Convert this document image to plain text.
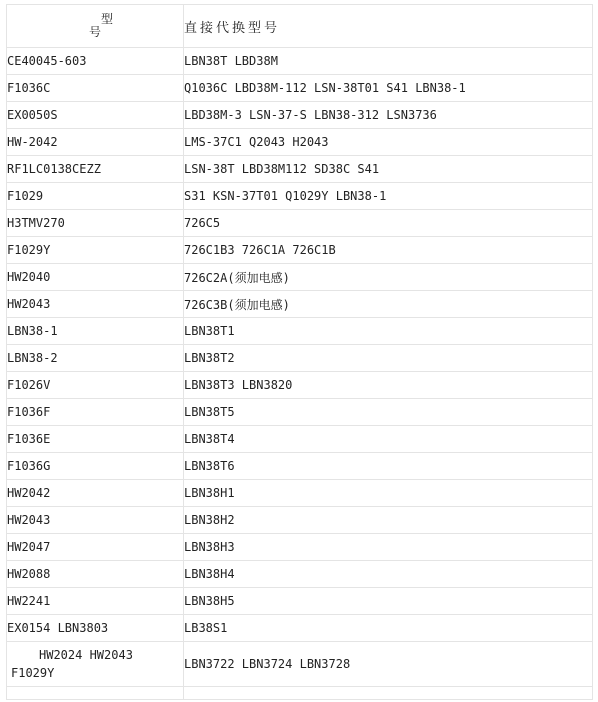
型
号	直接代换型号
CE40045-603	LBN38T LBD38M
F1036C	Q1036C LBD38M-112 LSN-38T01 S41 LBN38-1
EX0050S	LBD38M-3 LSN-37-S LBN38-312 LSN3736
HW-2042	LMS-37C1 Q2043 H2043
RF1LC0138CEZZ	LSN-38T LBD38M112 SD38C S41
F1029	S31 KSN-37T01 Q1029Y LBN38-1
H3TMV270	726C5
F1029Y	726C1B3 726C1A 726C1B
HW2040	726C2A(须加电感)
HW2043	726C3B(须加电感)
LBN38-1	LBN38T1
LBN38-2	LBN38T2
F1026V	LBN38T3 LBN3820
F1036F	LBN38T5
F1036E	LBN38T4
F1036G	LBN38T6
HW2042	LBN38H1
HW2043	LBN38H2
HW2047	LBN38H3
HW2088	LBN38H4
HW2241	LBN38H5
EX0154 LBN3803	LB38S1

HW2024 HW2043
F1029Y	LBN3722 LBN3724 LBN3728
